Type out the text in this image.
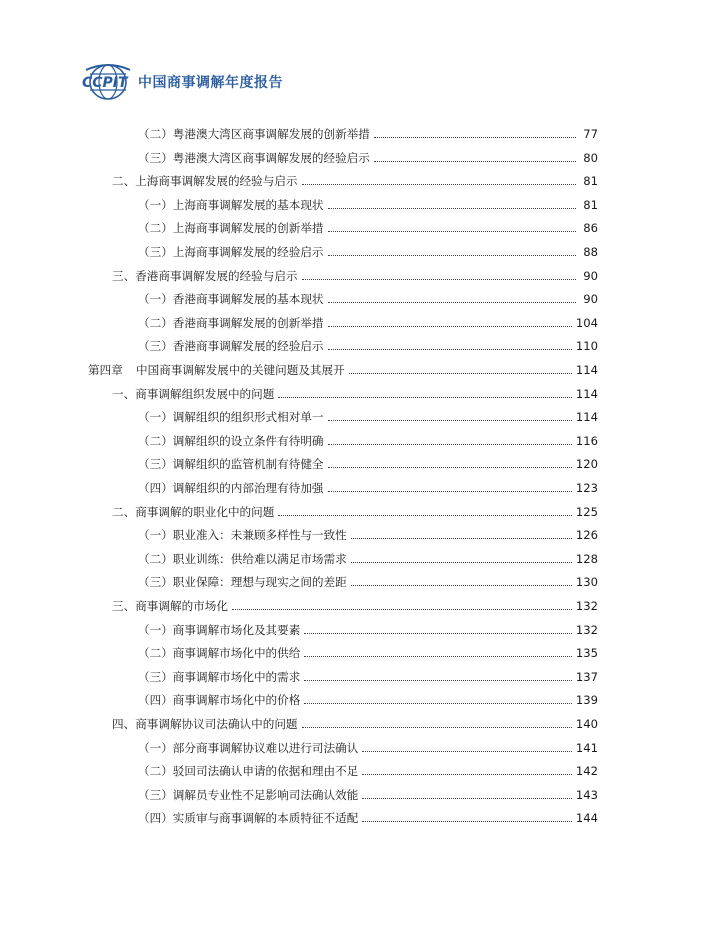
CCPIT 中国商事调解年度报告
（二）粤港澳大湾区商事调解发展的创新举措	77
（三）粤港澳大湾区商事调解发展的经验启示	80
二、上海商事调解发展的经验与启示	81
（一）上海商事调解发展的基本现状	81
（二）上海商事调解发展的创新举措	86
（三）上海商事调解发展的经验启示	88
三、香港商事调解发展的经验与启示	90
（一）香港商事调解发展的基本现状	90
（二）香港商事调解发展的创新举措	104
（三）香港商事调解发展的经验启示	110
第四章 中国商事调解发展中的关键问题及其展开	114
一、商事调解组织发展中的问题	114
（一）调解组织的组织形式相对单一	114
（二）调解组织的设立条件有待明确	116
（三）调解组织的监管机制有待健全	120
（四）调解组织的内部治理有待加强	123
二、商事调解的职业化中的问题	125
（一）职业准入：未兼顾多样性与一致性	126
（二）职业训练：供给难以满足市场需求	128
（三）职业保障：理想与现实之间的差距	130
三、商事调解的市场化	132
（一）商事调解市场化及其要素	132
（二）商事调解市场化中的供给	135
（三）商事调解市场化中的需求	137
（四）商事调解市场化中的价格	139
四、商事调解协议司法确认中的问题	140
（一）部分商事调解协议难以进行司法确认	141
（二）驳回司法确认申请的依据和理由不足	142
（三）调解员专业性不足影响司法确认效能	143
（四）实质审与商事调解的本质特征不适配	144
